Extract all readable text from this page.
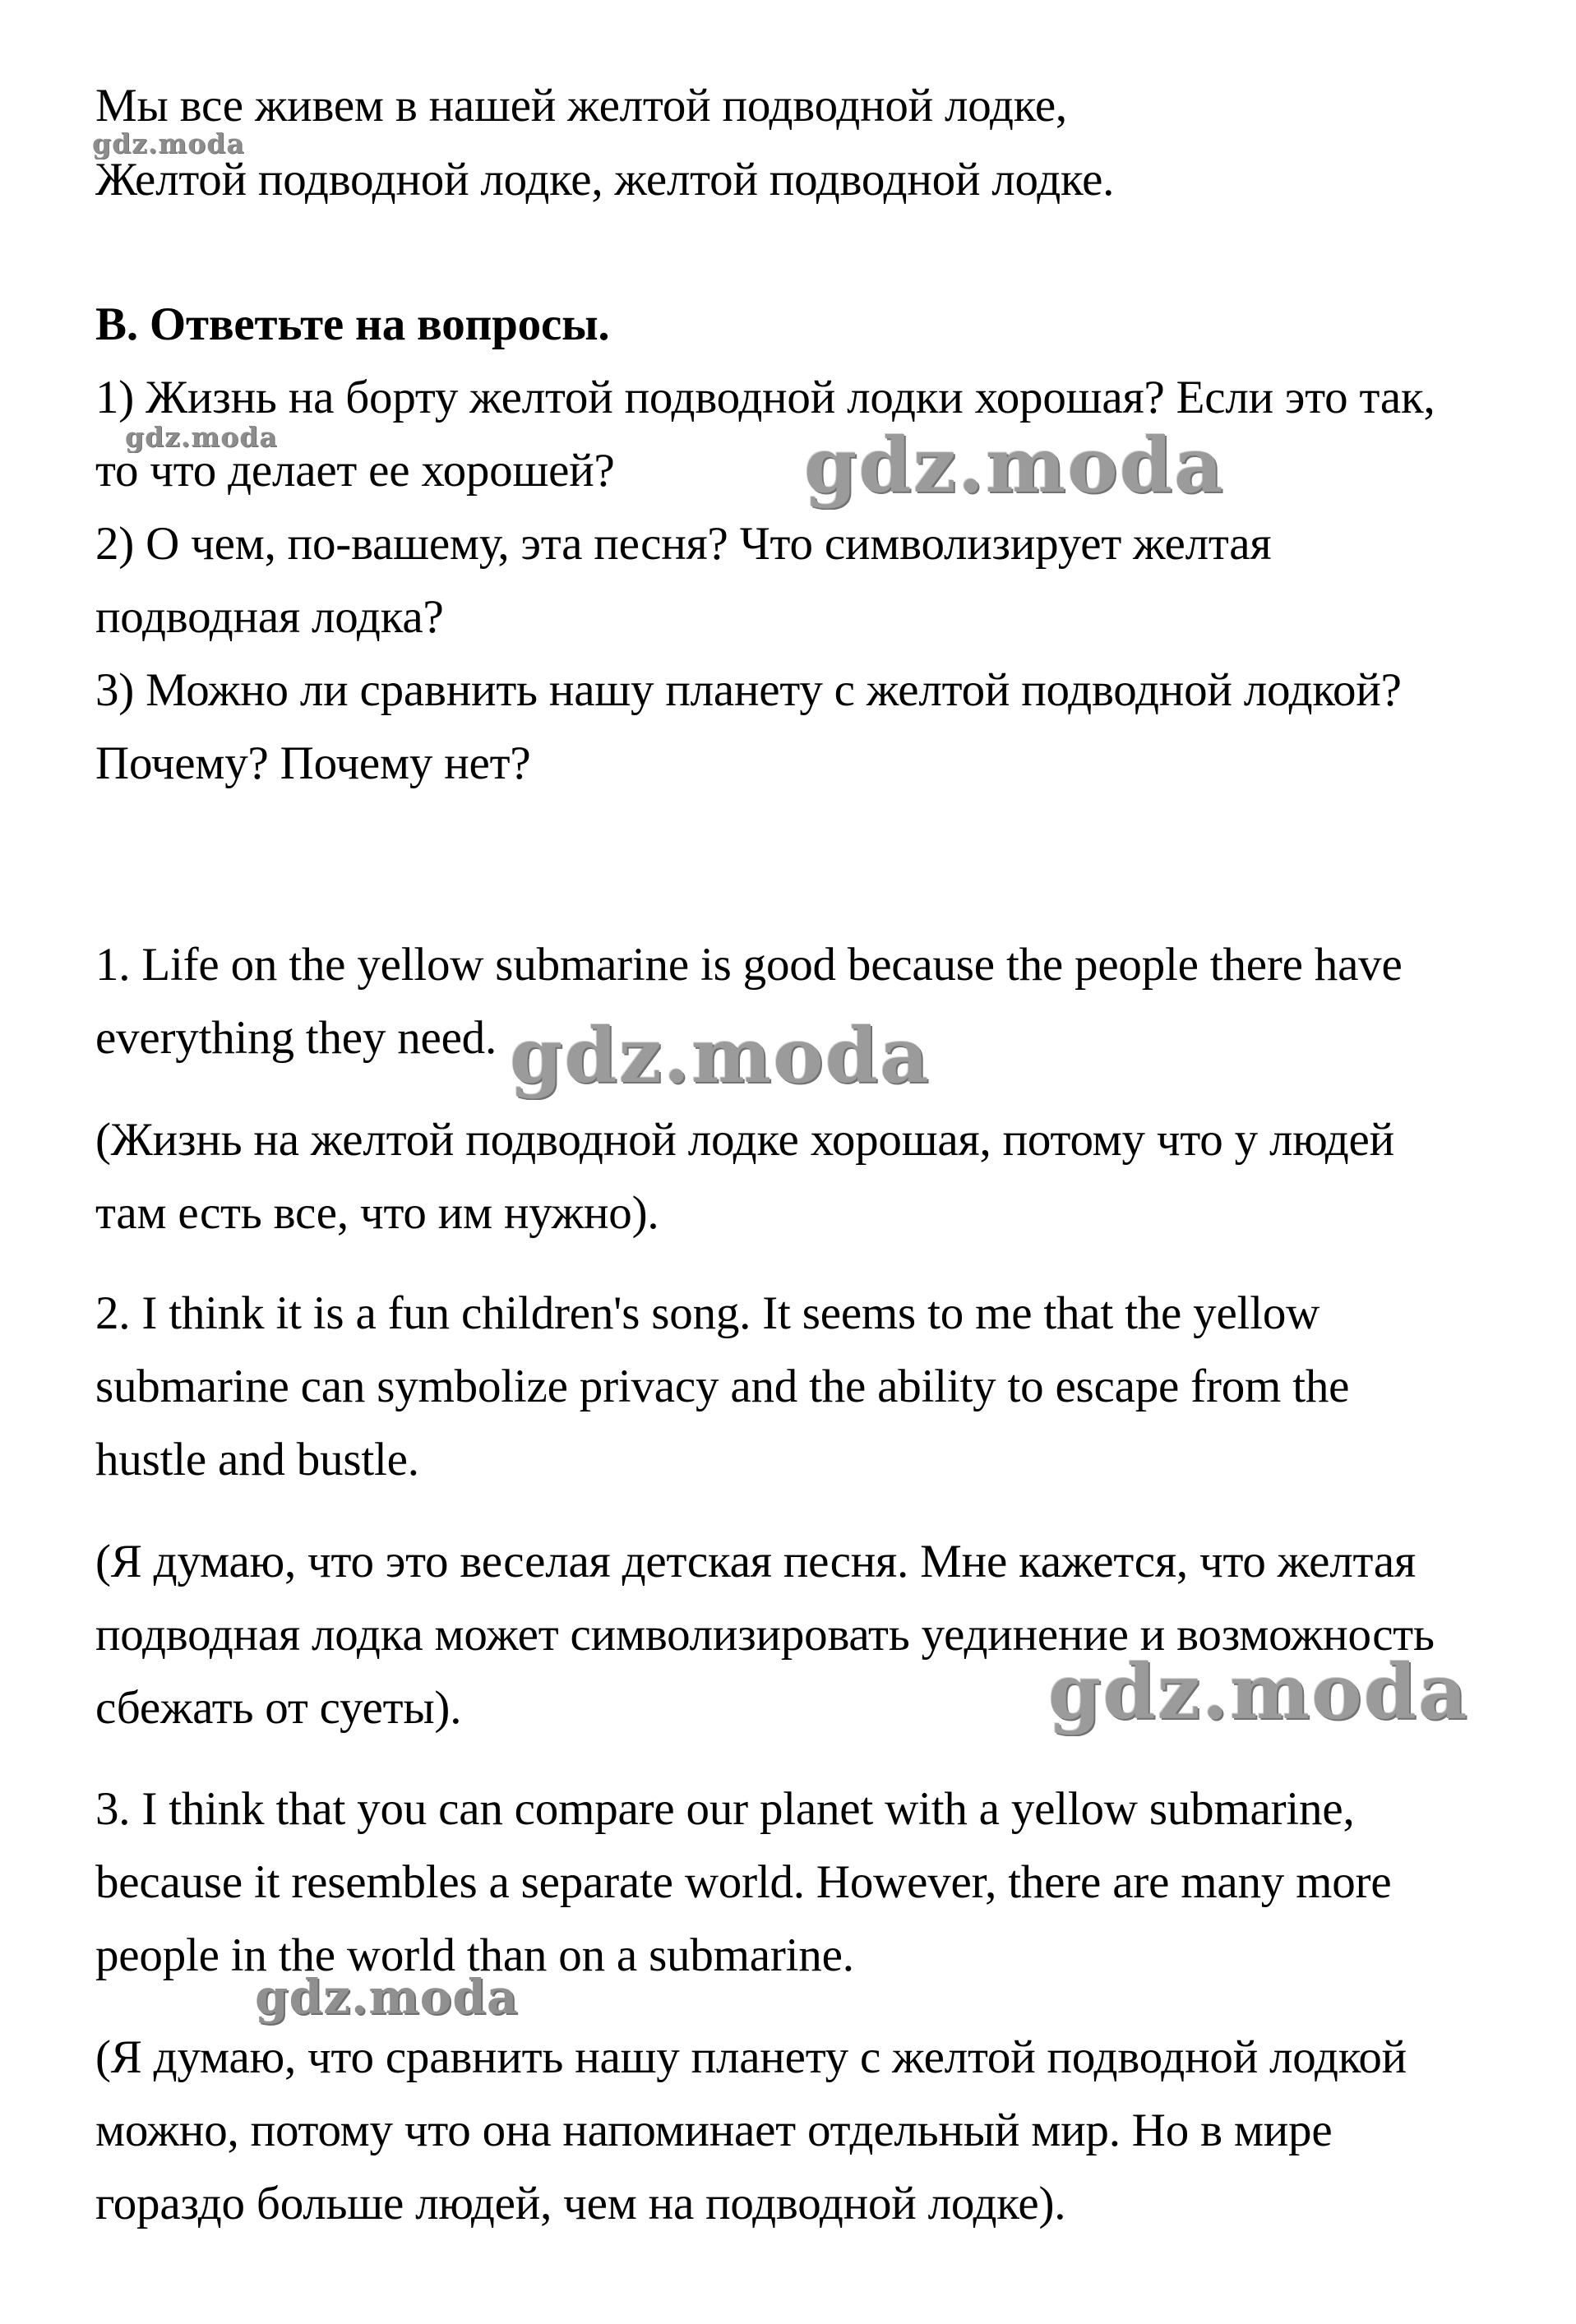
Мы все живем в нашей желтой подводной лодке,
Желтой подводной лодке, желтой подводной лодке.
B. Ответьте на вопросы.
1) Жизнь на борту желтой подводной лодки хорошая? Если это так,
то что делает ее хорошей?
2) О чем, по-вашему, эта песня? Что символизирует желтая
подводная лодка?
3) Можно ли сравнить нашу планету с желтой подводной лодкой?
Почему? Почему нет?
1. Life on the yellow submarine is good because the people there have
everything they need.
(Жизнь на желтой подводной лодке хорошая, потому что у людей
там есть все, что им нужно).
2. I think it is a fun children's song. It seems to me that the yellow
submarine can symbolize privacy and the ability to escape from the
hustle and bustle.
(Я думаю, что это веселая детская песня. Мне кажется, что желтая
подводная лодка может символизировать уединение и возможность
сбежать от суеты).
3. I think that you can compare our planet with a yellow submarine,
because it resembles a separate world. However, there are many more
people in the world than on a submarine.
(Я думаю, что сравнить нашу планету с желтой подводной лодкой
можно, потому что она напоминает отдельный мир. Но в мире
гораздо больше людей, чем на подводной лодке).
gdz.moda
gdz.moda	gdz.moda
gdz.moda
gdz.moda
gdz.moda
